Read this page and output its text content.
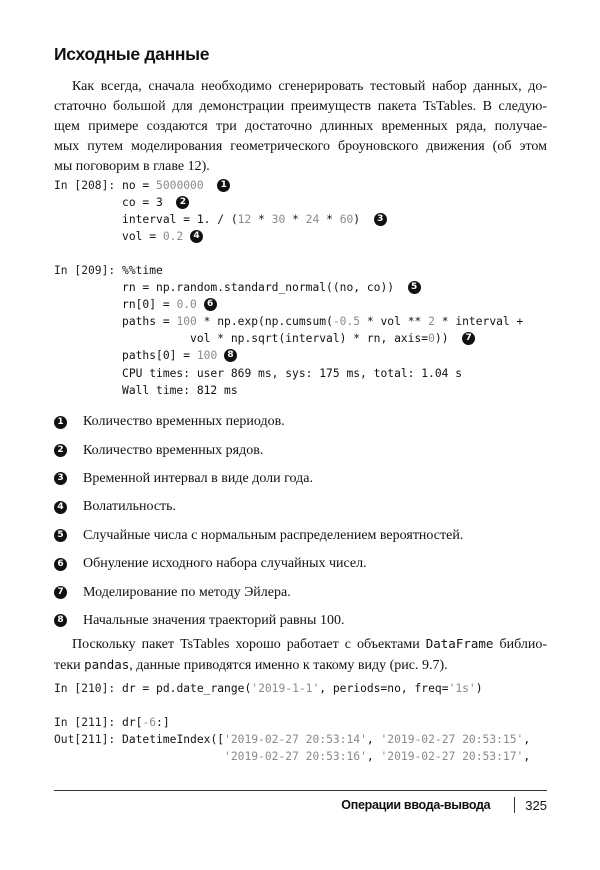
Исходные данные
Как всегда, сначала необходимо сгенерировать тестовый набор данных, до-
статочно большой для демонстрации преимуществ пакета TsTables. В следую-
щем примере создаются три достаточно длинных временных ряда, получае-
мых путем моделирования геометрического броуновского движения (об этом
мы поговорим в главе 12).
In [208]: no = 5000000 1
co = 3 2
interval = 1. / (12 * 30 * 24 * 60)  3
vol = 0.2 4
In [209]: %%time
rn = np.random.standard_normal((no, co)) 5
rn[0] = 0.0 6
paths = 100 * np.exp(np.cumsum(-0.5 * vol ** 2 * interval +
vol * np.sqrt(interval) * rn, axis=0)) 7
paths[0] = 100 8
CPU times: user 869 ms, sys: 175 ms, total: 1.04 s
Wall time: 812 ms
1 Количество временных периодов.
2 Количество временных рядов.
3 Временной интервал в виде доли года.
4 Волатильность.
5 Случайные числа с нормальным распределением вероятностей.
6 Обнуление исходного набора случайных чисел.
7 Моделирование по методу Эйлера.
8 Начальные значения траекторий равны 100.
Поскольку пакет TsTables хорошо работает с объектами DataFrame библио-
теки pandas, данные приводятся именно к такому виду (рис. 9.7).
In [210]: dr = pd.date_range('2019-1-1', periods=no, freq='1s')
In [211]: dr[-6:]
Out[211]: DatetimeIndex(['2019-02-27 20:53:14', '2019-02-27 20:53:15',
'2019-02-27 20:53:16', '2019-02-27 20:53:17',
Операции ввода-вывода	325
